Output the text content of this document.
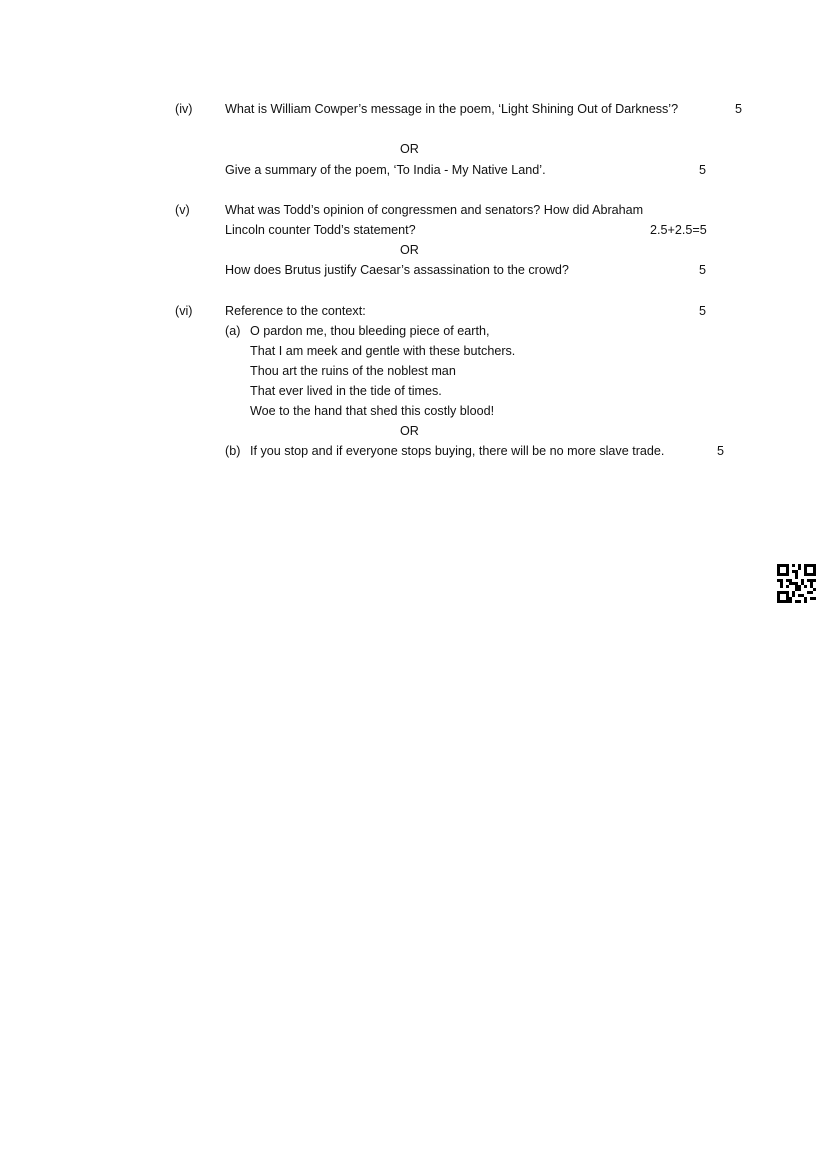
(iv)	What is William Cowper’s message in the poem, ‘Light Shining Out of Darkness’?	5
OR
Give a summary of the poem, ‘To India - My Native Land’.	5
(v)	What was Todd’s opinion of congressmen and senators? How did Abraham
Lincoln counter Todd’s statement?	2.5+2.5=5
OR
How does Brutus justify Caesar’s assassination to the crowd?	5
(vi)	Reference to the context:	5
(a) O pardon me, thou bleeding piece of earth,
That I am meek and gentle with these butchers.
Thou art the ruins of the noblest man
That ever lived in the tide of times.
Woe to the hand that shed this costly blood!
OR
(b) If you stop and if everyone stops buying, there will be no more slave trade.	5
